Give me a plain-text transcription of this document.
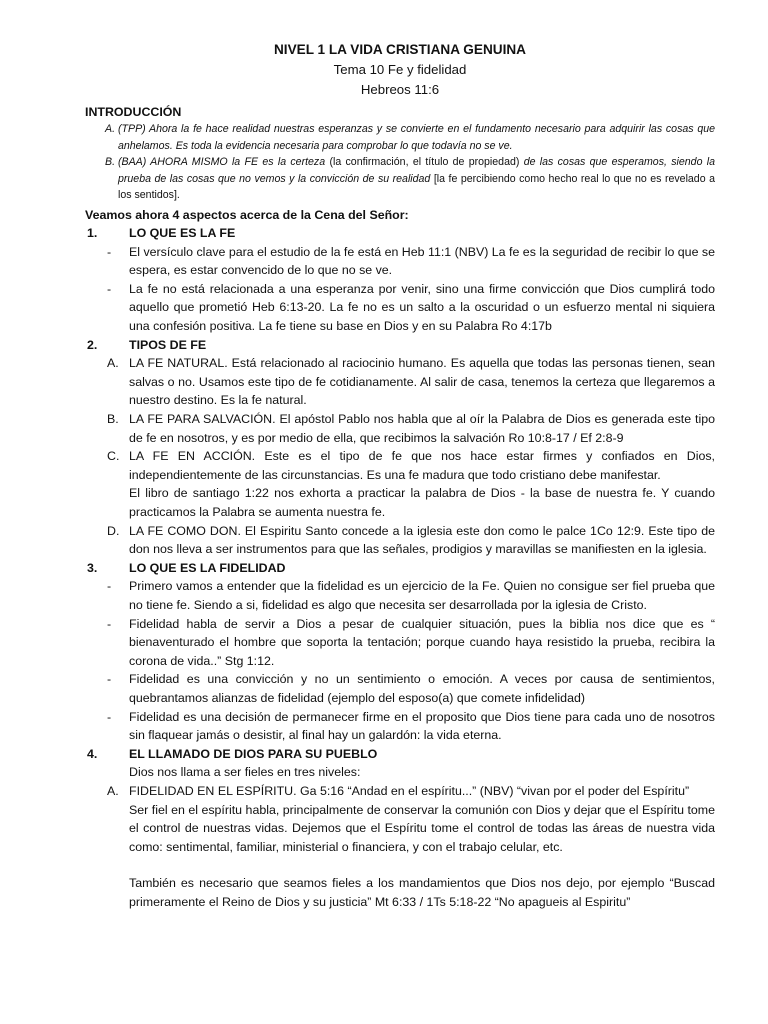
NIVEL 1 LA VIDA CRISTIANA GENUINA
Tema 10 Fe y fidelidad
Hebreos 11:6
INTRODUCCIÓN
A. (TPP) Ahora la fe hace realidad nuestras esperanzas y se convierte en el fundamento necesario para adquirir las cosas que anhelamos. Es toda la evidencia necesaria para comprobar lo que todavía no se ve.
B. (BAA) AHORA MISMO la FE es la certeza (la confirmación, el título de propiedad) de las cosas que esperamos, siendo la prueba de las cosas que no vemos y la convicción de su realidad [la fe percibiendo como hecho real lo que no es revelado a los sentidos].
Veamos ahora 4 aspectos acerca de la Cena del Señor:
1.	LO QUE ES LA FE
-	El versículo clave para el estudio de la fe está en Heb 11:1 (NBV) La fe es la seguridad de recibir lo que se espera, es estar convencido de lo que no se ve.
-	La fe no está relacionada a una esperanza por venir, sino una firme convicción que Dios cumplirá todo aquello que prometió Heb 6:13-20. La fe no es un salto a la oscuridad o un esfuerzo mental ni siquiera una confesión positiva. La fe tiene su base en Dios y en su Palabra Ro 4:17b
2.	TIPOS DE FE
A. LA FE NATURAL. Está relacionado al raciocinio humano. Es aquella que todas las personas tienen, sean salvas o no. Usamos este tipo de fe cotidianamente. Al salir de casa, tenemos la certeza que llegaremos a nuestro destino. Es la fe natural.
B. LA FE PARA SALVACIÓN. El apóstol Pablo nos habla que al oír la Palabra de Dios es generada este tipo de fe en nosotros, y es por medio de ella, que recibimos la salvación Ro 10:8-17 / Ef 2:8-9
C. LA FE EN ACCIÓN. Este es el tipo de fe que nos hace estar firmes y confiados en Dios, independientemente de las circunstancias. Es una fe madura que todo cristiano debe manifestar.
El libro de santiago 1:22 nos exhorta a practicar la palabra de Dios - la base de nuestra fe. Y cuando practicamos la Palabra se aumenta nuestra fe.
D. LA FE COMO DON. El Espiritu Santo concede a la iglesia este don como le palce 1Co 12:9. Este tipo de don nos lleva a ser instrumentos para que las señales, prodigios y maravillas se manifiesten en la iglesia.
3.	LO QUE ES LA FIDELIDAD
-	Primero vamos a entender que la fidelidad es un ejercicio de la Fe. Quien no consigue ser fiel prueba que no tiene fe. Siendo a si, fidelidad es algo que necesita ser desarrollada por la iglesia de Cristo.
-	Fidelidad habla de servir a Dios a pesar de cualquier situación, pues la biblia nos dice que es “ bienaventurado el hombre que soporta la tentación; porque cuando haya resistido la prueba, recibira la corona de vida..” Stg 1:12.
-	Fidelidad es una convicción y no un sentimiento o emoción. A veces por causa de sentimientos, quebrantamos alianzas de fidelidad (ejemplo del esposo(a) que comete infidelidad)
-	Fidelidad es una decisión de permanecer firme en el proposito que Dios tiene para cada uno de nosotros sin flaquear jamás o desistir, al final hay un galardón: la vida eterna.
4.	EL LLAMADO DE DIOS PARA SU PUEBLO
Dios nos llama a ser fieles en tres niveles:
A. FIDELIDAD EN EL ESPÍRITU. Ga 5:16 “Andad en el espíritu...” (NBV) “vivan por el poder del Espíritu”
Ser fiel en el espíritu habla, principalmente de conservar la comunión con Dios y dejar que el Espíritu tome el control de nuestras vidas. Dejemos que el Espíritu tome el control de todas las áreas de nuestra vida como: sentimental, familiar, ministerial o financiera, y con el trabajo celular, etc.
También es necesario que seamos fieles a los mandamientos que Dios nos dejo, por ejemplo “Buscad primeramente el Reino de Dios y su justicia” Mt 6:33 / 1Ts 5:18-22 “No apagueis al Espiritu”
